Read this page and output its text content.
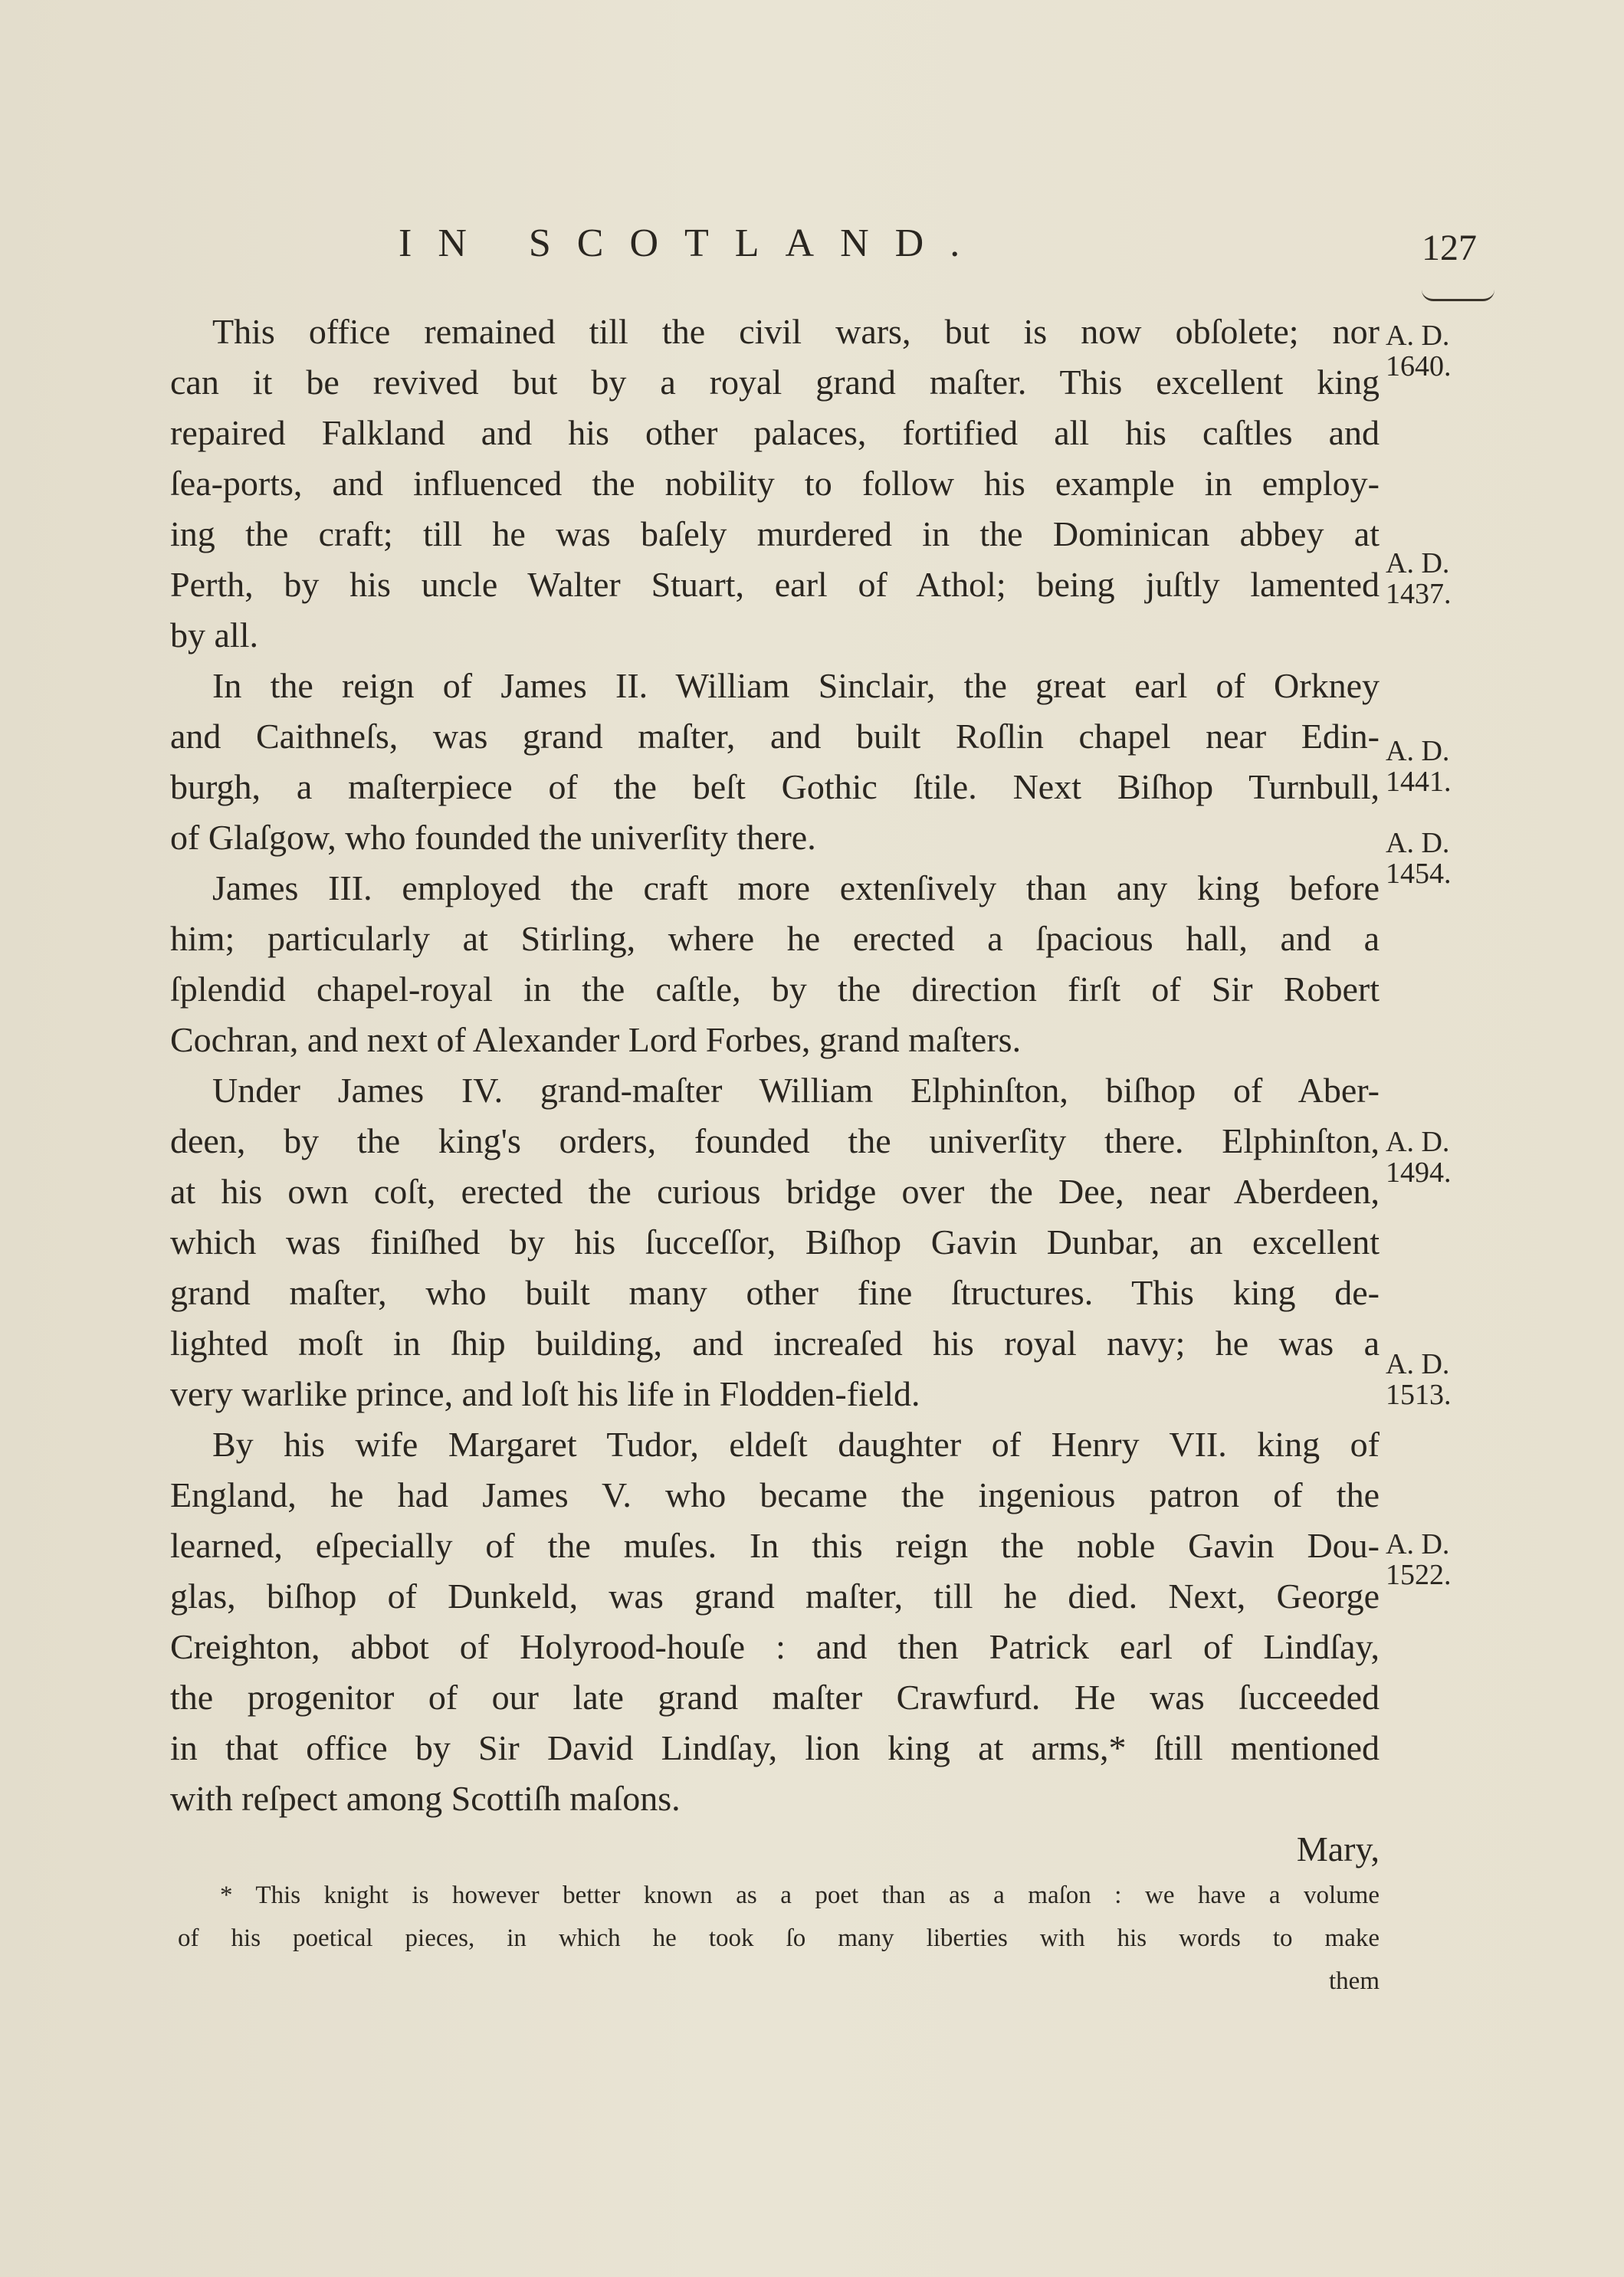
IN SCOTLAND.	127
This office remained till the civil wars, but is now obſolete; nor
can it be revived but by a royal grand maſter. This excellent king
repaired Falkland and his other palaces, fortified all his caſtles and
ſea-ports, and influenced the nobility to follow his example in employ-
ing the craft; till he was baſely murdered in the Dominican abbey at
Perth, by his uncle Walter Stuart, earl of Athol; being juſtly lamented
by all.
In the reign of James II. William Sinclair, the great earl of Orkney
and Caithneſs, was grand maſter, and built Roſlin chapel near Edin-
burgh, a maſterpiece of the beſt Gothic ſtile. Next Biſhop Turnbull,
of Glaſgow, who founded the univerſity there.
James III. employed the craft more extenſively than any king before
him; particularly at Stirling, where he erected a ſpacious hall, and a
ſplendid chapel-royal in the caſtle, by the direction firſt of Sir Robert
Cochran, and next of Alexander Lord Forbes, grand maſters.
Under James IV. grand-maſter William Elphinſton, biſhop of Aber-
deen, by the king's orders, founded the univerſity there. Elphinſton,
at his own coſt, erected the curious bridge over the Dee, near Aberdeen,
which was finiſhed by his ſucceſſor, Biſhop Gavin Dunbar, an excellent
grand maſter, who built many other fine ſtructures. This king de-
lighted moſt in ſhip building, and increaſed his royal navy; he was a
very warlike prince, and loſt his life in Flodden-field.
By his wife Margaret Tudor, eldeſt daughter of Henry VII. king of
England, he had James V. who became the ingenious patron of the
learned, eſpecially of the muſes. In this reign the noble Gavin Dou-
glas, biſhop of Dunkeld, was grand maſter, till he died. Next, George
Creighton, abbot of Holyrood-houſe : and then Patrick earl of Lindſay,
the progenitor of our late grand maſter Crawfurd. He was ſucceeded
in that office by Sir David Lindſay, lion king at arms,* ſtill mentioned
with reſpect among Scottiſh maſons.
Mary,
A. D.
1640.
A. D.
1437.
A. D.
1441.
A. D.
1454.
A. D.
1494.
A. D.
1513.
A. D.
1522.
* This knight is however better known as a poet than as a maſon : we have a volume
of his poetical pieces, in which he took ſo many liberties with his words to make
them
